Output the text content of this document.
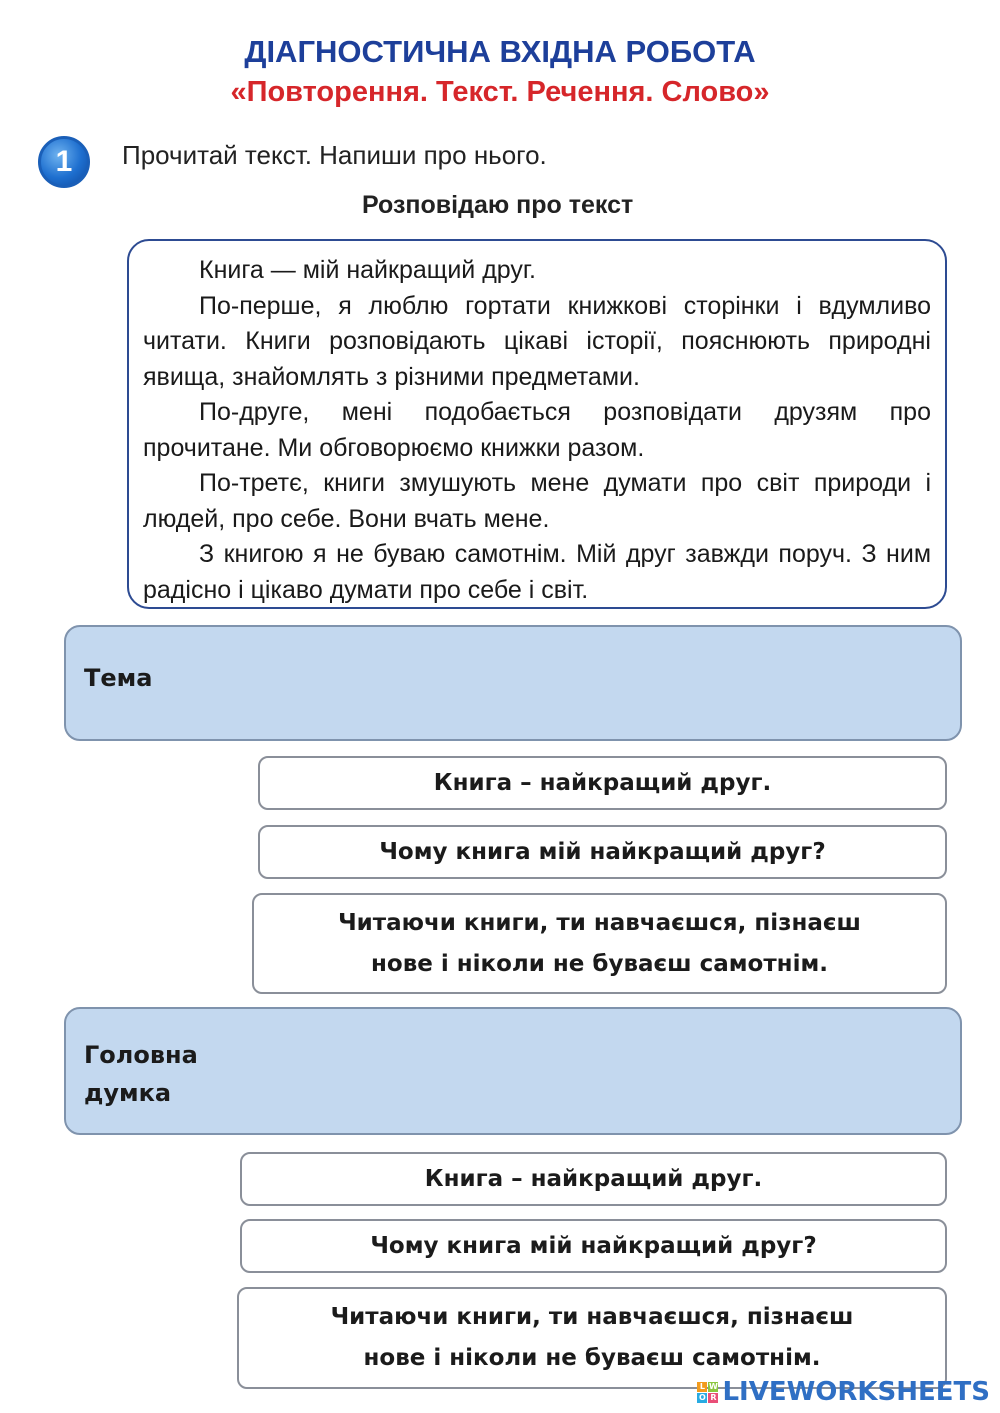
ДІАГНОСТИЧНА ВХІДНА РОБОТА
«Повторення. Текст. Речення. Слово»
1	Прочитай текст. Напиши про нього.
Розповідаю про текст

Книга — мій найкращий друг.

По-перше, я люблю гортати книжкові сторінки і вдумливо читати. Книги розповідають цікаві історії, пояснюють природні явища, знайомлять з різними предметами.

По-друге, мені подобається розповідати друзям про прочитане. Ми обговорюємо книжки разом.

По-третє, книги змушують мене думати про світ природи і людей, про себе. Вони вчать мене.

З книгою я не буваю самотнім. Мій друг завжди поруч. З ним радісно і цікаво думати про себе і світ.

Тема
Книга – найкращий друг.
Чому книга мій найкращий друг?
Читаючи книги, ти навчаєшся, пізнаєш
нове і ніколи не буваєш самотнім.
Головна
думка
Книга – найкращий друг.
Чому книга мій найкращий друг?
Читаючи книги, ти навчаєшся, пізнаєш
нове і ніколи не буваєш самотнім.
L W
O R LIVEWORKSHEETS
